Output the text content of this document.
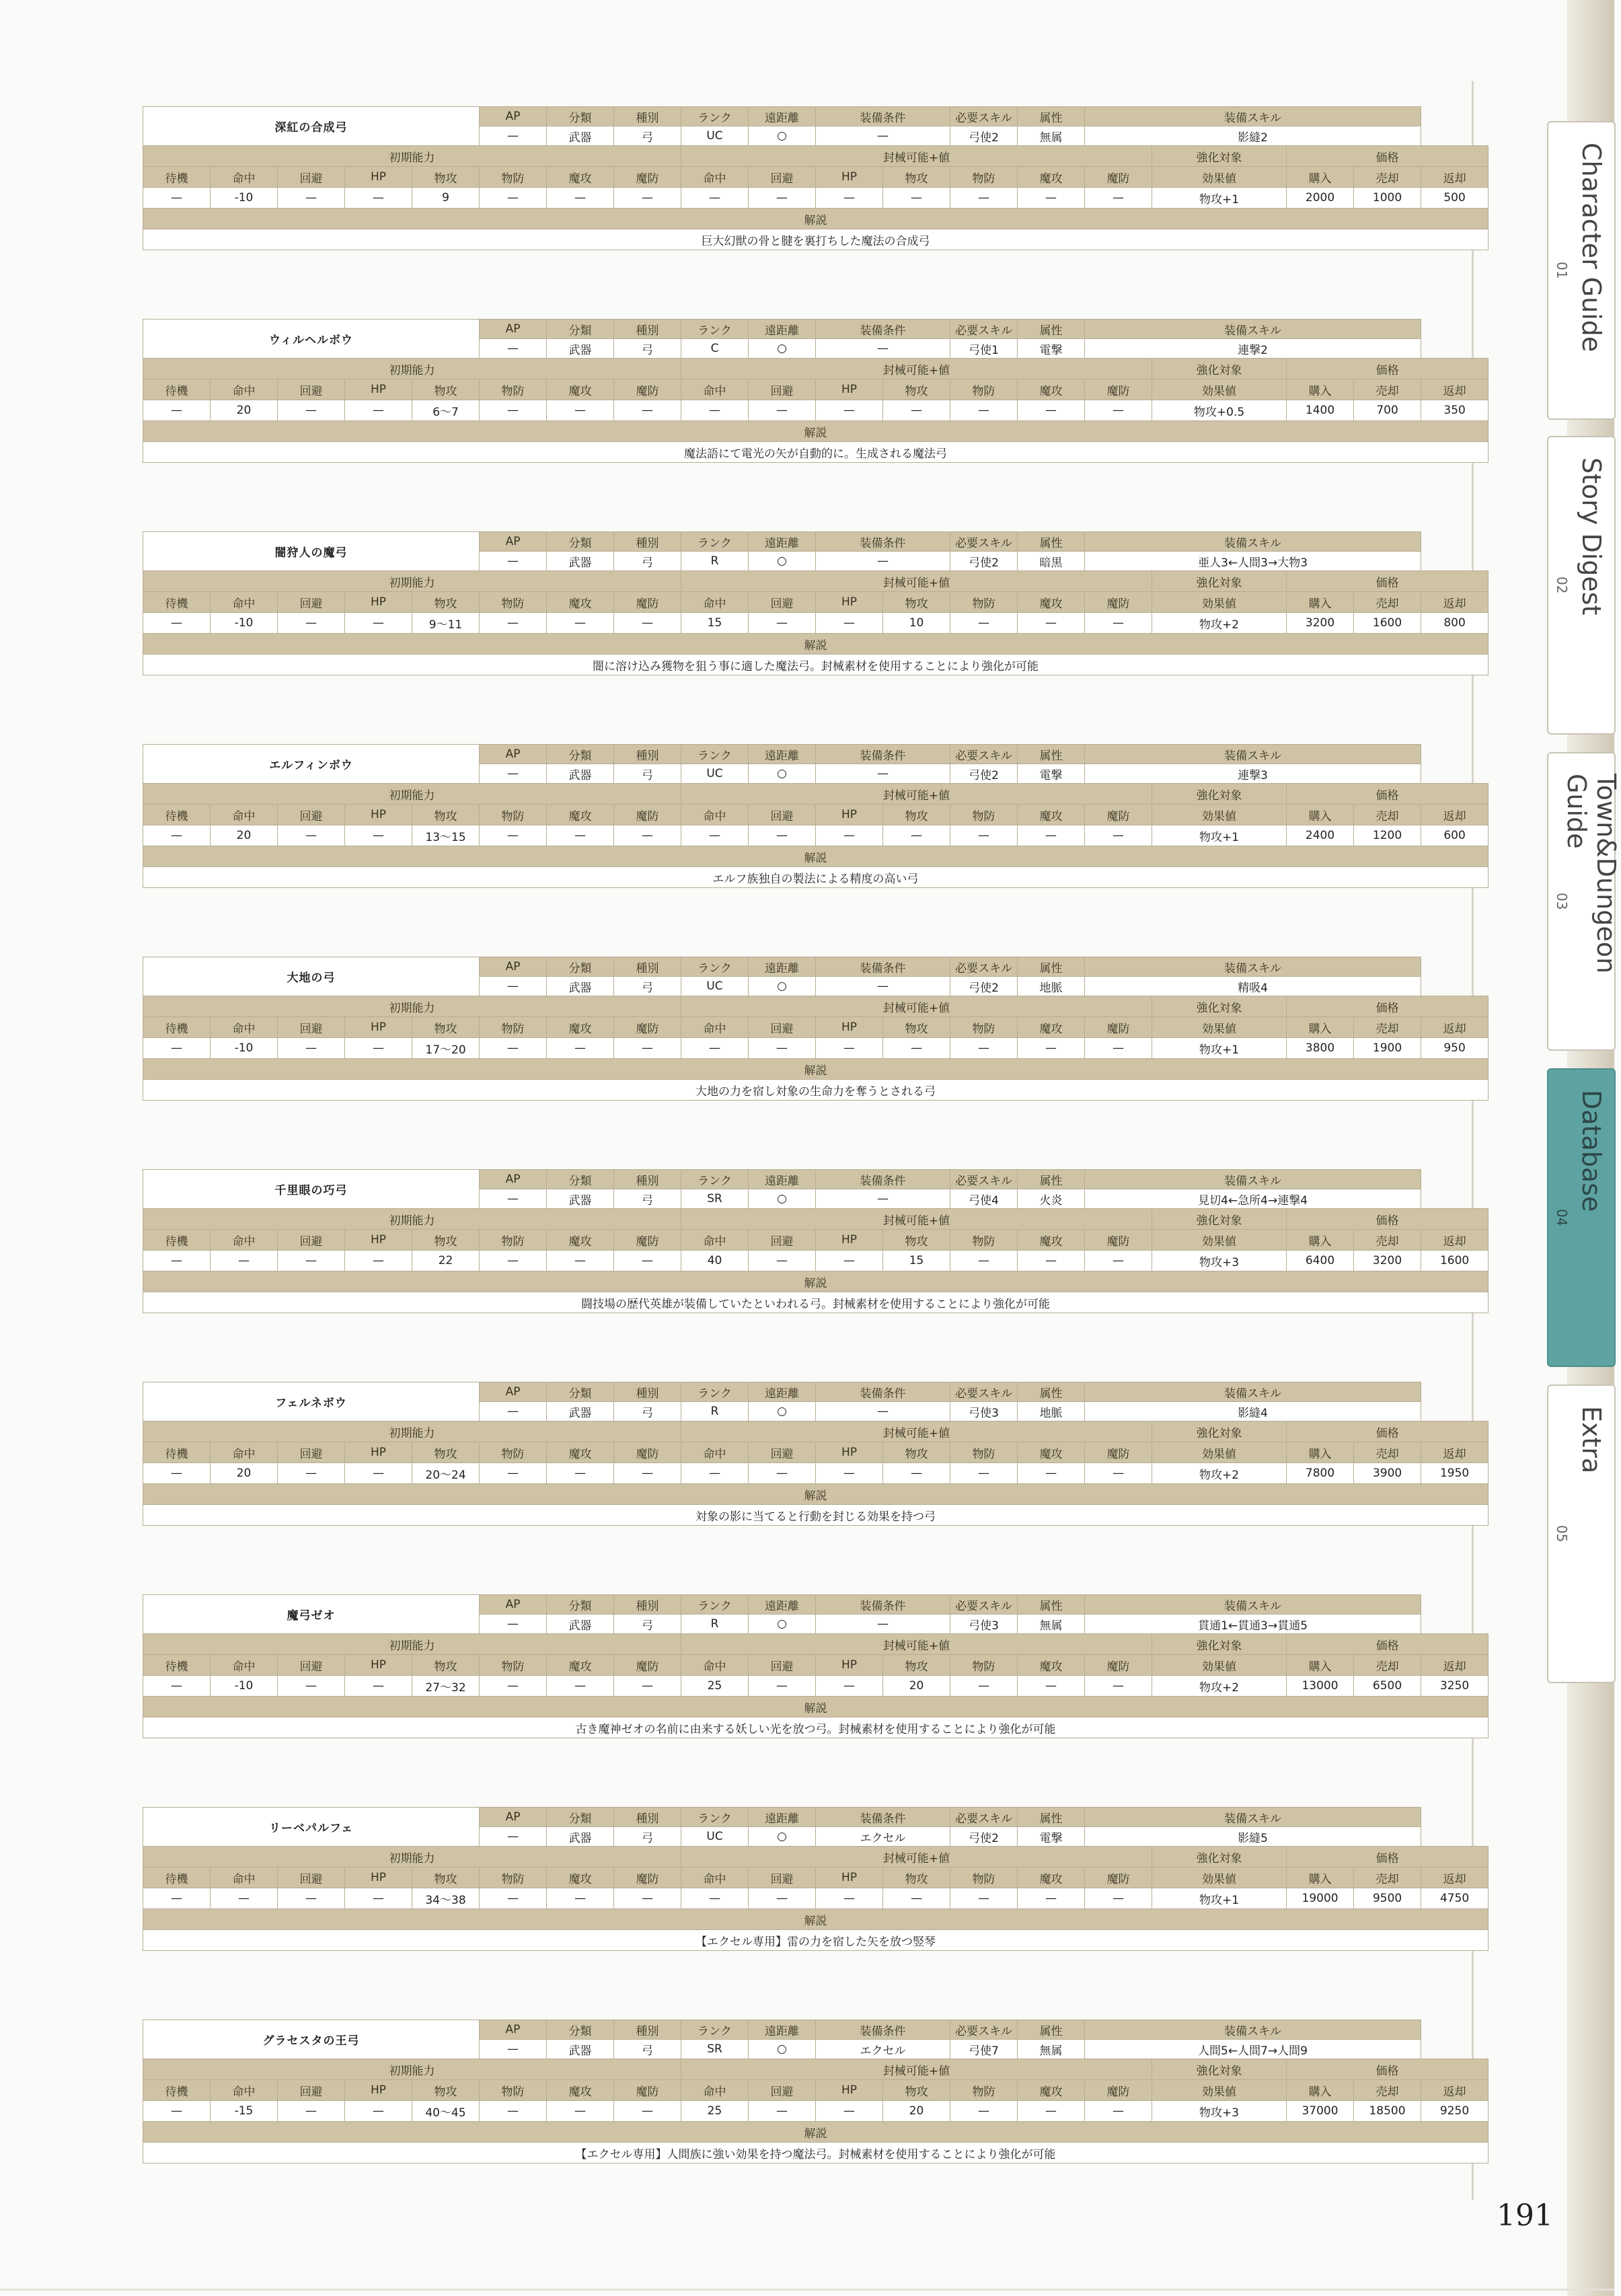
深紅の合成弓					AP	分類	種別	ランク	遠距離	装備条件		必要スキル	属性	装備スキル				
					—	武器	弓	UC	○	—		弓使2	無属	影縫2				
初期能力								封械可能+値							強化対象	価格		
待機	命中	回避	HP	物攻	物防	魔攻	魔防	命中	回避	HP	物攻	物防	魔攻	魔防	効果値	購入	売却	返却
—	-10	—	—	9	—	—	—	—	—	—	—	—	—	—	物攻+1	2000	1000	500
解説																		
巨大幻獣の骨と腱を裏打ちした魔法の合成弓																		
ウィルヘルボウ					AP	分類	種別	ランク	遠距離	装備条件		必要スキル	属性	装備スキル				
					—	武器	弓	C	○	—		弓使1	電撃	連撃2				
初期能力								封械可能+値							強化対象	価格		
待機	命中	回避	HP	物攻	物防	魔攻	魔防	命中	回避	HP	物攻	物防	魔攻	魔防	効果値	購入	売却	返却
—	20	—	—	6～7	—	—	—	—	—	—	—	—	—	—	物攻+0.5	1400	700	350
解説																		
魔法語にて電光の矢が自動的に。生成される魔法弓																		
闇狩人の魔弓					AP	分類	種別	ランク	遠距離	装備条件		必要スキル	属性	装備スキル				
					—	武器	弓	R	○	—		弓使2	暗黒	亜人3←人間3→大物3				
初期能力								封械可能+値							強化対象	価格		
待機	命中	回避	HP	物攻	物防	魔攻	魔防	命中	回避	HP	物攻	物防	魔攻	魔防	効果値	購入	売却	返却
—	-10	—	—	9～11	—	—	—	15	—	—	10	—	—	—	物攻+2	3200	1600	800
解説																		
闇に溶け込み獲物を狙う事に適した魔法弓。封械素材を使用することにより強化が可能																		
エルフィンボウ					AP	分類	種別	ランク	遠距離	装備条件		必要スキル	属性	装備スキル				
					—	武器	弓	UC	○	—		弓使2	電撃	連撃3				
初期能力								封械可能+値							強化対象	価格		
待機	命中	回避	HP	物攻	物防	魔攻	魔防	命中	回避	HP	物攻	物防	魔攻	魔防	効果値	購入	売却	返却
—	20	—	—	13～15	—	—	—	—	—	—	—	—	—	—	物攻+1	2400	1200	600
解説																		
エルフ族独自の製法による精度の高い弓																		
大地の弓					AP	分類	種別	ランク	遠距離	装備条件		必要スキル	属性	装備スキル				
					—	武器	弓	UC	○	—		弓使2	地脈	精吸4				
初期能力								封械可能+値							強化対象	価格		
待機	命中	回避	HP	物攻	物防	魔攻	魔防	命中	回避	HP	物攻	物防	魔攻	魔防	効果値	購入	売却	返却
—	-10	—	—	17～20	—	—	—	—	—	—	—	—	—	—	物攻+1	3800	1900	950
解説																		
大地の力を宿し対象の生命力を奪うとされる弓																		
千里眼の巧弓					AP	分類	種別	ランク	遠距離	装備条件		必要スキル	属性	装備スキル				
					—	武器	弓	SR	○	—		弓使4	火炎	見切4←急所4→連撃4				
初期能力								封械可能+値							強化対象	価格		
待機	命中	回避	HP	物攻	物防	魔攻	魔防	命中	回避	HP	物攻	物防	魔攻	魔防	効果値	購入	売却	返却
—	—	—	—	22	—	—	—	40	—	—	15	—	—	—	物攻+3	6400	3200	1600
解説																		
闘技場の歴代英雄が装備していたといわれる弓。封械素材を使用することにより強化が可能																		
フェルネボウ					AP	分類	種別	ランク	遠距離	装備条件		必要スキル	属性	装備スキル				
					—	武器	弓	R	○	—		弓使3	地脈	影縫4				
初期能力								封械可能+値							強化対象	価格		
待機	命中	回避	HP	物攻	物防	魔攻	魔防	命中	回避	HP	物攻	物防	魔攻	魔防	効果値	購入	売却	返却
—	20	—	—	20～24	—	—	—	—	—	—	—	—	—	—	物攻+2	7800	3900	1950
解説																		
対象の影に当てると行動を封じる効果を持つ弓																		
魔弓ゼオ					AP	分類	種別	ランク	遠距離	装備条件		必要スキル	属性	装備スキル				
					—	武器	弓	R	○	—		弓使3	無属	貫通1←貫通3→貫通5				
初期能力								封械可能+値							強化対象	価格		
待機	命中	回避	HP	物攻	物防	魔攻	魔防	命中	回避	HP	物攻	物防	魔攻	魔防	効果値	購入	売却	返却
—	-10	—	—	27～32	—	—	—	25	—	—	20	—	—	—	物攻+2	13000	6500	3250
解説																		
古き魔神ゼオの名前に由来する妖しい光を放つ弓。封械素材を使用することにより強化が可能																		
リーベパルフェ					AP	分類	種別	ランク	遠距離	装備条件		必要スキル	属性	装備スキル				
					—	武器	弓	UC	○	エクセル		弓使2	電撃	影縫5				
初期能力								封械可能+値							強化対象	価格		
待機	命中	回避	HP	物攻	物防	魔攻	魔防	命中	回避	HP	物攻	物防	魔攻	魔防	効果値	購入	売却	返却
—	—	—	—	34～38	—	—	—	—	—	—	—	—	—	—	物攻+1	19000	9500	4750
解説																		
【エクセル専用】雷の力を宿した矢を放つ竪琴																		
グラセスタの王弓					AP	分類	種別	ランク	遠距離	装備条件		必要スキル	属性	装備スキル				
					—	武器	弓	SR	○	エクセル		弓使7	無属	人間5←人間7→人間9				
初期能力								封械可能+値							強化対象	価格		
待機	命中	回避	HP	物攻	物防	魔攻	魔防	命中	回避	HP	物攻	物防	魔攻	魔防	効果値	購入	売却	返却
—	-15	—	—	40～45	—	—	—	25	—	—	20	—	—	—	物攻+3	37000	18500	9250
解説																		
【エクセル専用】人間族に強い効果を持つ魔法弓。封械素材を使用することにより強化が可能																		
01 Character Guide
02 Story Digest
03 Town&Dungeon Guide
04
Database
05
Extra
191
